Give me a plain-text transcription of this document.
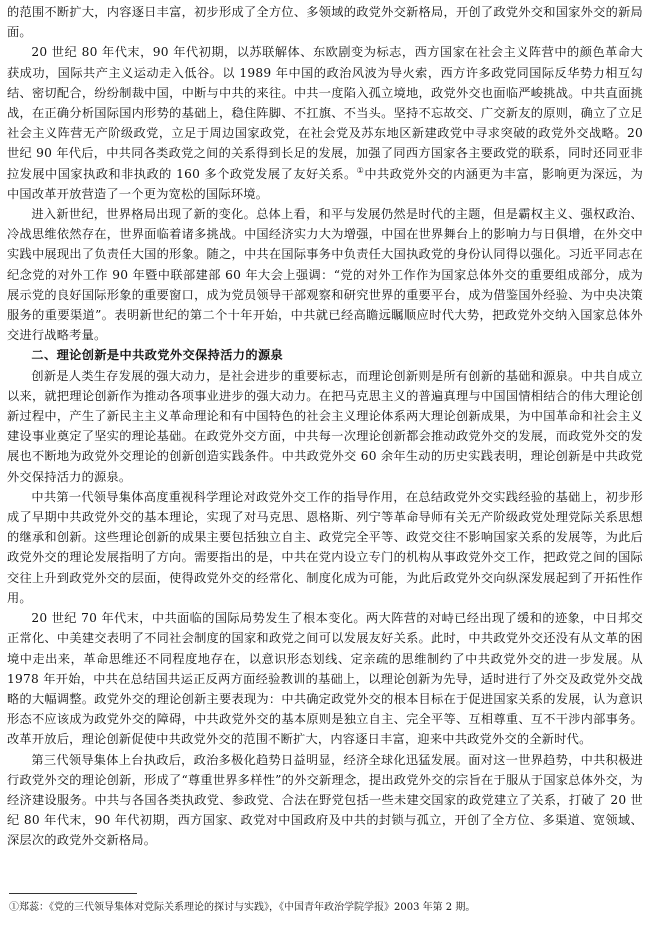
的范围不断扩大，内容逐日丰富，初步形成了全方位、多领域的政党外交新格局，开创了政党外交和国家外交的新局面。

20 世纪 80 年代末，90 年代初期，以苏联解体、东欧剧变为标志，西方国家在社会主义阵营中的颜色革命大获成功，国际共产主义运动走入低谷。以 1989 年中国的政治风波为导火索，西方许多政党同国际反华势力相互勾结、密切配合，纷纷制裁中国，中断与中共的来往。中共一度陷入孤立境地，政党外交也面临严峻挑战。中共直面挑战，在正确分析国际国内形势的基础上，稳住阵脚、不扛旗、不当头。坚持不忘故交、广交新友的原则，确立了立足社会主义阵营无产阶级政党，立足于周边国家政党，在社会党及苏东地区新建政党中寻求突破的政党外交战略。20 世纪 90 年代后，中共同各类政党之间的关系得到长足的发展，加强了同西方国家各主要政党的联系，同时还同亚非拉发展中国家执政和非执政的 160 多个政党发展了友好关系。①中共政党外交的内涵更为丰富，影响更为深远，为中国改革开放营造了一个更为宽松的国际环境。

进入新世纪，世界格局出现了新的变化。总体上看，和平与发展仍然是时代的主题，但是霸权主义、强权政治、冷战思维依然存在，世界面临着诸多挑战。中国经济实力大为增强，中国在世界舞台上的影响力与日俱增，在外交中实践中展现出了负责任大国的形象。随之，中共在国际事务中负责任大国执政党的身份认同得以强化。习近平同志在纪念党的对外工作 90 年暨中联部建部 60 年大会上强调：“党的对外工作作为国家总体外交的重要组成部分，成为展示党的良好国际形象的重要窗口，成为党员领导干部观察和研究世界的重要平台，成为借鉴国外经验、为中央决策服务的重要渠道”。表明新世纪的第二个十年开始，中共就已经高瞻远瞩顺应时代大势，把政党外交纳入国家总体外交进行战略考量。

二、理论创新是中共政党外交保持活力的源泉

创新是人类生存发展的强大动力，是社会进步的重要标志，而理论创新则是所有创新的基础和源泉。中共自成立以来，就把理论创新作为推动各项事业进步的强大动力。在把马克思主义的普遍真理与中国国情相结合的伟大理论创新过程中，产生了新民主主义革命理论和有中国特色的社会主义理论体系两大理论创新成果，为中国革命和社会主义建设事业奠定了坚实的理论基础。在政党外交方面，中共每一次理论创新都会推动政党外交的发展，而政党外交的发展也不断地为政党外交理论的创新创造实践条件。中共政党外交 60 余年生动的历史实践表明，理论创新是中共政党外交保持活力的源泉。

中共第一代领导集体高度重视科学理论对政党外交工作的指导作用，在总结政党外交实践经验的基础上，初步形成了早期中共政党外交的基本理论，实现了对马克思、恩格斯、列宁等革命导师有关无产阶级政党处理党际关系思想的继承和创新。这些理论创新的成果主要包括独立自主、政党完全平等、政党交往不影响国家关系的发展等，为此后政党外交的理论发展指明了方向。需要指出的是，中共在党内设立专门的机构从事政党外交工作，把政党之间的国际交往上升到政党外交的层面，使得政党外交的经常化、制度化成为可能，为此后政党外交向纵深发展起到了开拓性作用。

20 世纪 70 年代末，中共面临的国际局势发生了根本变化。两大阵营的对峙已经出现了缓和的迹象，中日邦交正常化、中美建交表明了不同社会制度的国家和政党之间可以发展友好关系。此时，中共政党外交还没有从文革的困境中走出来，革命思维还不同程度地存在，以意识形态划线、定亲疏的思维制约了中共政党外交的进一步发展。从 1978 年开始，中共在总结国共运正反两方面经验教训的基础上，以理论创新为先导，适时进行了外交及政党外交战略的大幅调整。政党外交的理论创新主要表现为：中共确定政党外交的根本目标在于促进国家关系的发展，认为意识形态不应该成为政党外交的障碍，中共政党外交的基本原则是独立自主、完全平等、互相尊重、互不干涉内部事务。改革开放后，理论创新促使中共政党外交的范围不断扩大，内容逐日丰富，迎来中共政党外交的全新时代。

第三代领导集体上台执政后，政治多极化趋势日益明显，经济全球化迅猛发展。面对这一世界趋势，中共积极进行政党外交的理论创新，形成了“尊重世界多样性”的外交新理念，提出政党外交的宗旨在于服从于国家总体外交，为经济建设服务。中共与各国各类执政党、参政党、合法在野党包括一些未建交国家的政党建立了关系，打破了 20 世纪 80 年代末，90 年代初期，西方国家、政党对中国政府及中共的封锁与孤立，开创了全方位、多渠道、宽领域、深层次的政党外交新格局。

①郑蕊：《党的三代领导集体对党际关系理论的探讨与实践》，《中国青年政治学院学报》2003 年第 2 期。
